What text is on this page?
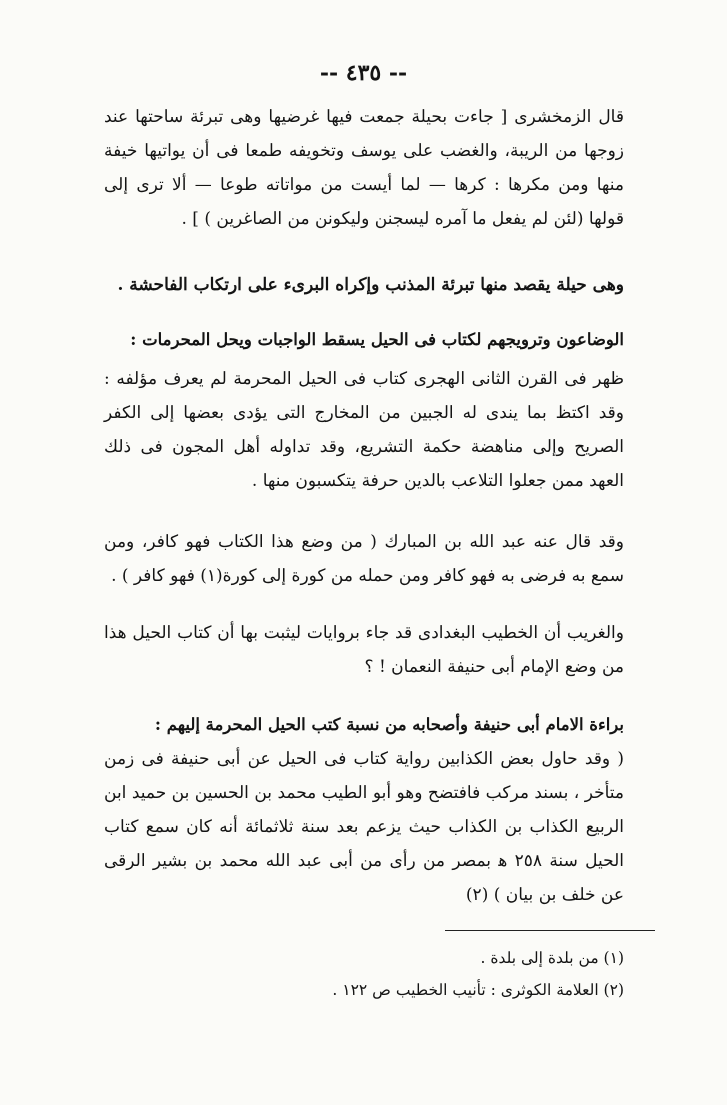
-- ٤٣٥ --
قال الزمخشرى [ جاءت بحيلة جمعت فيها غرضيها وهى تبرئة ساحتها عند زوجها من الريبة، والغضب على يوسف وتخويفه طمعا فى أن يواتيها خيفة منها ومن مكرها : كرها — لما أيست من مواتاته طوعا — ألا ترى إلى قولها (لئن لم يفعل ما آمره ليسجنن وليكونن من الصاغرين ) ] .
وهى حيلة يقصد منها تبرئة المذنب وإكراه البرىء على ارتكاب الفاحشة .
الوضاعون وترويجهم لكتاب فى الحيل يسقط الواجبات ويحل المحرمات :
ظهر فى القرن الثانى الهجرى كتاب فى الحيل المحرمة لم يعرف مؤلفه : وقد اكتظ بما يندى له الجبين من المخارج التى يؤدى بعضها إلى الكفر الصريح وإلى مناهضة حكمة التشريع، وقد تداوله أهل المجون فى ذلك العهد ممن جعلوا التلاعب بالدين حرفة يتكسبون منها .
وقد قال عنه عبد الله بن المبارك ( من وضع هذا الكتاب فهو كافر، ومن سمع به فرضى به فهو كافر ومن حمله من كورة إلى كورة(١) فهو كافر ) .
والغريب أن الخطيب البغدادى قد جاء بروايات ليثبت بها أن كتاب الحيل هذا من وضع الإمام أبى حنيفة النعمان ! ؟
براءة الامام أبى حنيفة وأصحابه من نسبة كتب الحيل المحرمة إليهم :
( وقد حاول بعض الكذابين رواية كتاب فى الحيل عن أبى حنيفة فى زمن متأخر ، بسند مركب فافتضح وهو أبو الطيب محمد بن الحسين بن حميد ابن الربيع الكذاب بن الكذاب حيث يزعم بعد سنة ثلاثمائة أنه كان سمع كتاب الحيل سنة ٢٥٨ ﻫ بمصر من رأى من أبى عبد الله محمد بن بشير الرقى عن خلف بن بيان ) (٢)
(١) من بلدة إلى بلدة .
(٢) العلامة الكوثرى : تأنيب الخطيب ص ١٢٢ .
